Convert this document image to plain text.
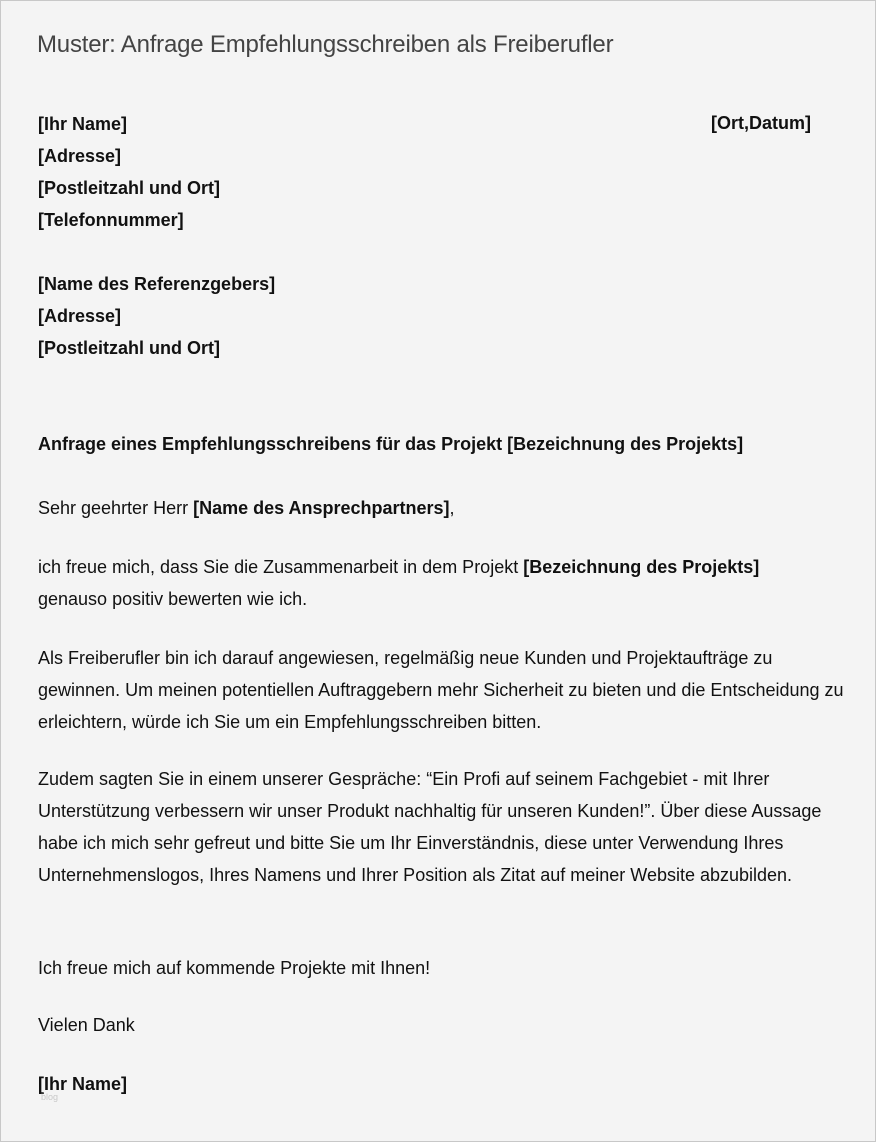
Muster: Anfrage Empfehlungsschreiben als Freiberufler
[Ihr Name]	[Ort,Datum]
[Adresse]
[Postleitzahl und Ort]
[Telefonnummer]
[Name des Referenzgebers]
[Adresse]
[Postleitzahl und Ort]
Anfrage eines Empfehlungsschreibens für das Projekt [Bezeichnung des Projekts]
Sehr geehrter Herr [Name des Ansprechpartners],
ich freue mich, dass Sie die Zusammenarbeit in dem Projekt [Bezeichnung des Projekts]
genauso positiv bewerten wie ich.
Als Freiberufler bin ich darauf angewiesen, regelmäßig neue Kunden und Projektaufträge zu gewinnen. Um meinen potentiellen Auftraggebern mehr Sicherheit zu bieten und die Entscheidung zu erleichtern, würde ich Sie um ein Empfehlungsschreiben bitten.
Zudem sagten Sie in einem unserer Gespräche: “Ein Profi auf seinem Fachgebiet - mit Ihrer Unterstützung verbessern wir unser Produkt nachhaltig für unseren Kunden!”. Über diese Aussage habe ich mich sehr gefreut und bitte Sie um Ihr Einverständnis, diese unter Verwendung Ihres Unternehmenslogos, Ihres Namens und Ihrer Position als Zitat auf meiner Website abzubilden.
Ich freue mich auf kommende Projekte mit Ihnen!
Vielen Dank
[Ihr Name]
blog
